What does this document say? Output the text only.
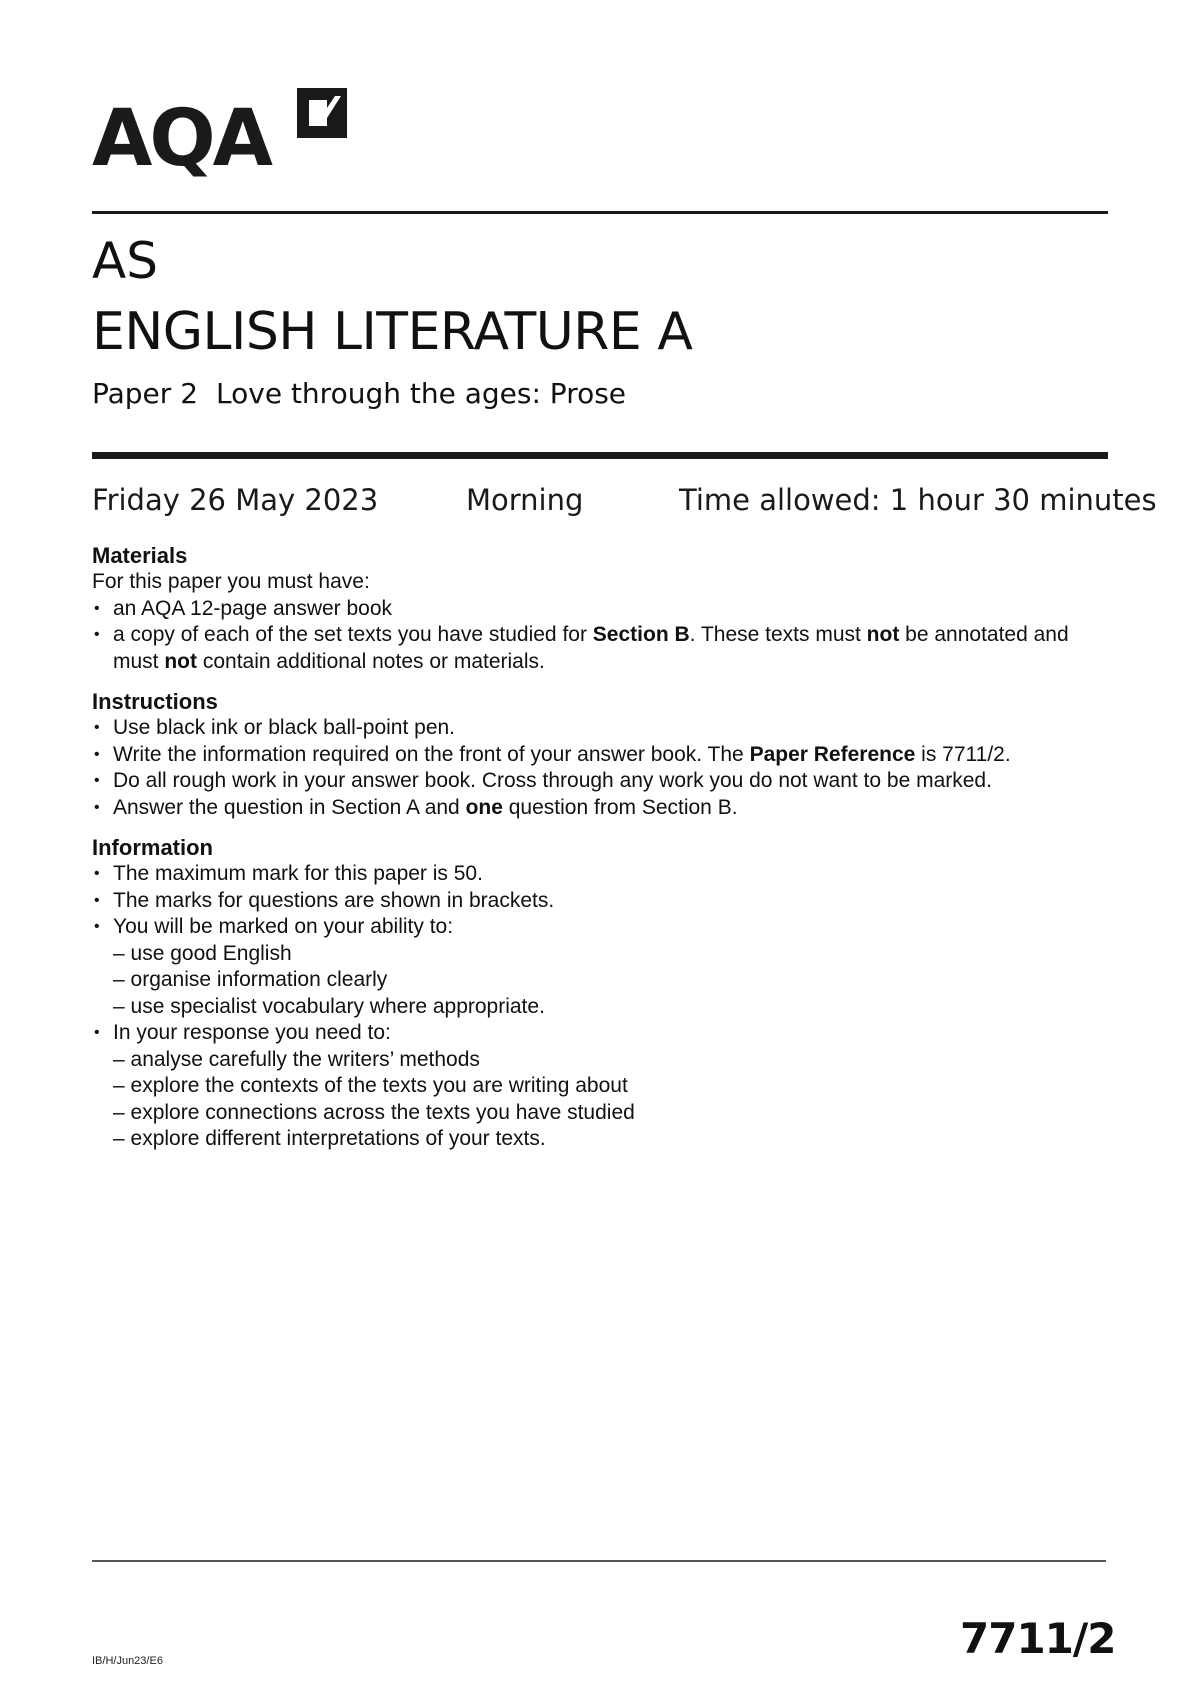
AQA
AS
ENGLISH LITERATURE A
Paper 2 Love through the ages: Prose
Friday 26 May 2023	Morning	Time allowed: 1 hour 30 minutes
Materials

For this paper you must have:

• an AQA 12-page answer book
• a copy of each of the set texts you have studied for Section B. These texts must not be annotated and must not contain additional notes or materials.
Instructions
• Use black ink or black ball-point pen.
• Write the information required on the front of your answer book. The Paper Reference is 7711/2.
• Do all rough work in your answer book. Cross through any work you do not want to be marked.
• Answer the question in Section A and one question from Section B.
Information
• The maximum mark for this paper is 50.
• The marks for questions are shown in brackets.
• You will be marked on your ability to:
– use good English
– organise information clearly
– use specialist vocabulary where appropriate.
• In your response you need to:
– analyse carefully the writers’ methods
– explore the contexts of the texts you are writing about
– explore connections across the texts you have studied
– explore different interpretations of your texts.
IB/H/Jun23/E6	7711/2
